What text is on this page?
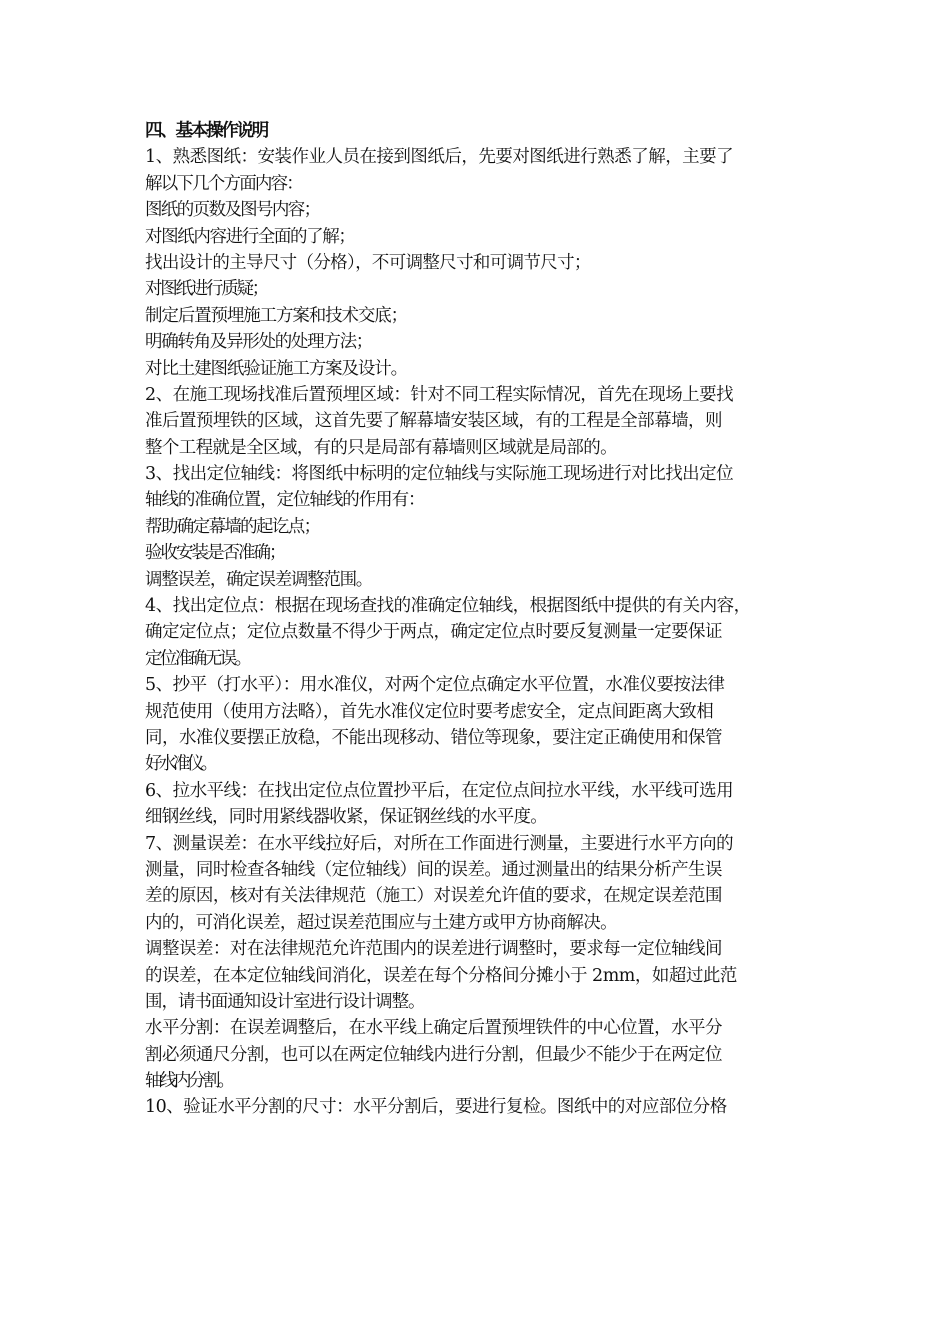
四、基本操作说明
1、熟悉图纸：安装作业人员在接到图纸后，先要对图纸进行熟悉了解，主要了
解以下几个方面内容：
图纸的页数及图号内容；
对图纸内容进行全面的了解；
找出设计的主导尺寸（分格），不可调整尺寸和可调节尺寸；
对图纸进行质疑；
制定后置预埋施工方案和技术交底；
明确转角及异形处的处理方法；
对比土建图纸验证施工方案及设计。
2、在施工现场找准后置预埋区域：针对不同工程实际情况，首先在现场上要找
准后置预埋铁的区域，这首先要了解幕墙安装区域，有的工程是全部幕墙，则
整个工程就是全区域，有的只是局部有幕墙则区域就是局部的。
3、找出定位轴线：将图纸中标明的定位轴线与实际施工现场进行对比找出定位
轴线的准确位置，定位轴线的作用有：
帮助确定幕墙的起讫点；
验收安装是否准确；
调整误差，确定误差调整范围。
4、找出定位点：根据在现场查找的准确定位轴线，根据图纸中提供的有关内容，
确定定位点；定位点数量不得少于两点，确定定位点时要反复测量一定要保证
定位准确无误。
5、抄平（打水平）：用水准仪，对两个定位点确定水平位置，水准仪要按法律
规范使用（使用方法略），首先水准仪定位时要考虑安全，定点间距离大致相
同，水准仪要摆正放稳，不能出现移动、错位等现象，要注定正确使用和保管
好水准仪。
6、拉水平线：在找出定位点位置抄平后，在定位点间拉水平线，水平线可选用
细钢丝线，同时用紧线器收紧，保证钢丝线的水平度。
7、测量误差：在水平线拉好后，对所在工作面进行测量，主要进行水平方向的
测量，同时检查各轴线（定位轴线）间的误差。通过测量出的结果分析产生误
差的原因，核对有关法律规范（施工）对误差允许值的要求，在规定误差范围
内的，可消化误差，超过误差范围应与土建方或甲方协商解决。
调整误差：对在法律规范允许范围内的误差进行调整时，要求每一定位轴线间
的误差，在本定位轴线间消化，误差在每个分格间分摊小于 2mm，如超过此范
围，请书面通知设计室进行设计调整。
水平分割：在误差调整后，在水平线上确定后置预埋铁件的中心位置，水平分
割必须通尺分割，也可以在两定位轴线内进行分割，但最少不能少于在两定位
轴线内分割。
10、验证水平分割的尺寸：水平分割后，要进行复检。图纸中的对应部位分格
